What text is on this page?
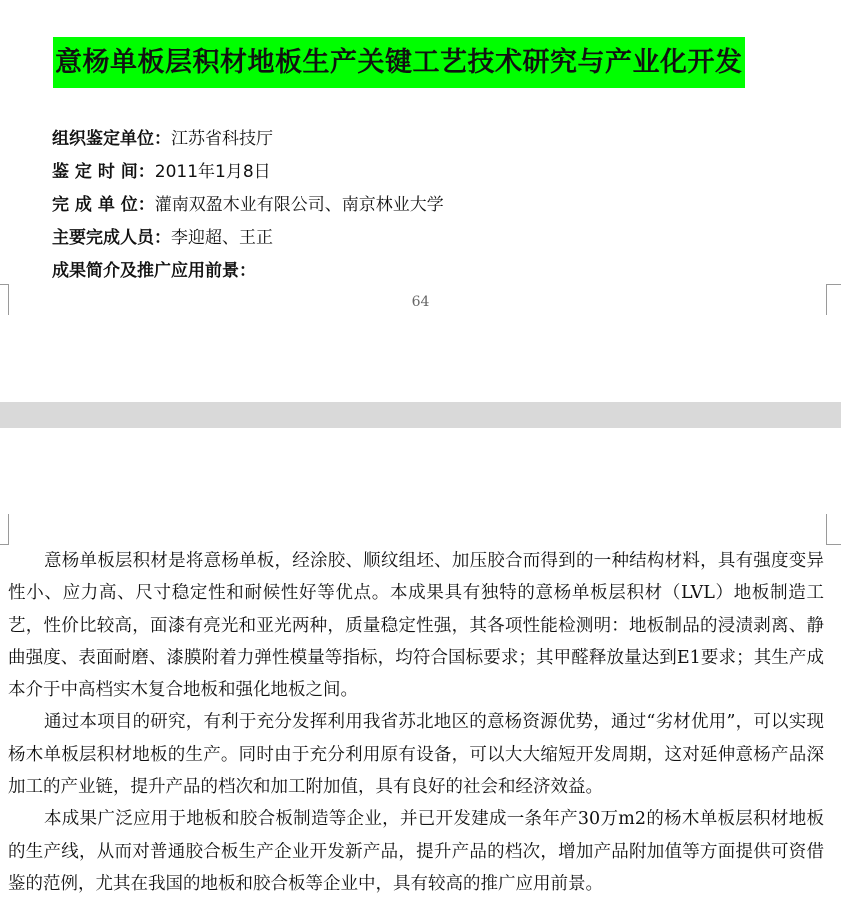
意杨单板层积材地板生产关键工艺技术研究与产业化开发
组织鉴定单位：江苏省科技厅
鉴 定 时 间：2011年1月8日
完 成 单 位：灌南双盈木业有限公司、南京林业大学
主要完成人员：李迎超、王正
成果简介及推广应用前景：
64

意杨单板层积材是将意杨单板，经涂胶、顺纹组坯、加压胶合而得到的一种结构材料，具有强度变异性小、应力高、尺寸稳定性和耐候性好等优点。本成果具有独特的意杨单板层积材（LVL）地板制造工艺，性价比较高，面漆有亮光和亚光两种，质量稳定性强，其各项性能检测明：地板制品的浸渍剥离、静曲强度、表面耐磨、漆膜附着力弹性模量等指标，均符合国标要求；其甲醛释放量达到E1要求；其生产成本介于中高档实木复合地板和强化地板之间。

通过本项目的研究，有利于充分发挥利用我省苏北地区的意杨资源优势，通过“劣材优用”，可以实现杨木单板层积材地板的生产。同时由于充分利用原有设备，可以大大缩短开发周期，这对延伸意杨产品深加工的产业链，提升产品的档次和加工附加值，具有良好的社会和经济效益。

本成果广泛应用于地板和胶合板制造等企业，并已开发建成一条年产30万m2的杨木单板层积材地板的生产线，从而对普通胶合板生产企业开发新产品，提升产品的档次，增加产品附加值等方面提供可资借鉴的范例，尤其在我国的地板和胶合板等企业中，具有较高的推广应用前景。
